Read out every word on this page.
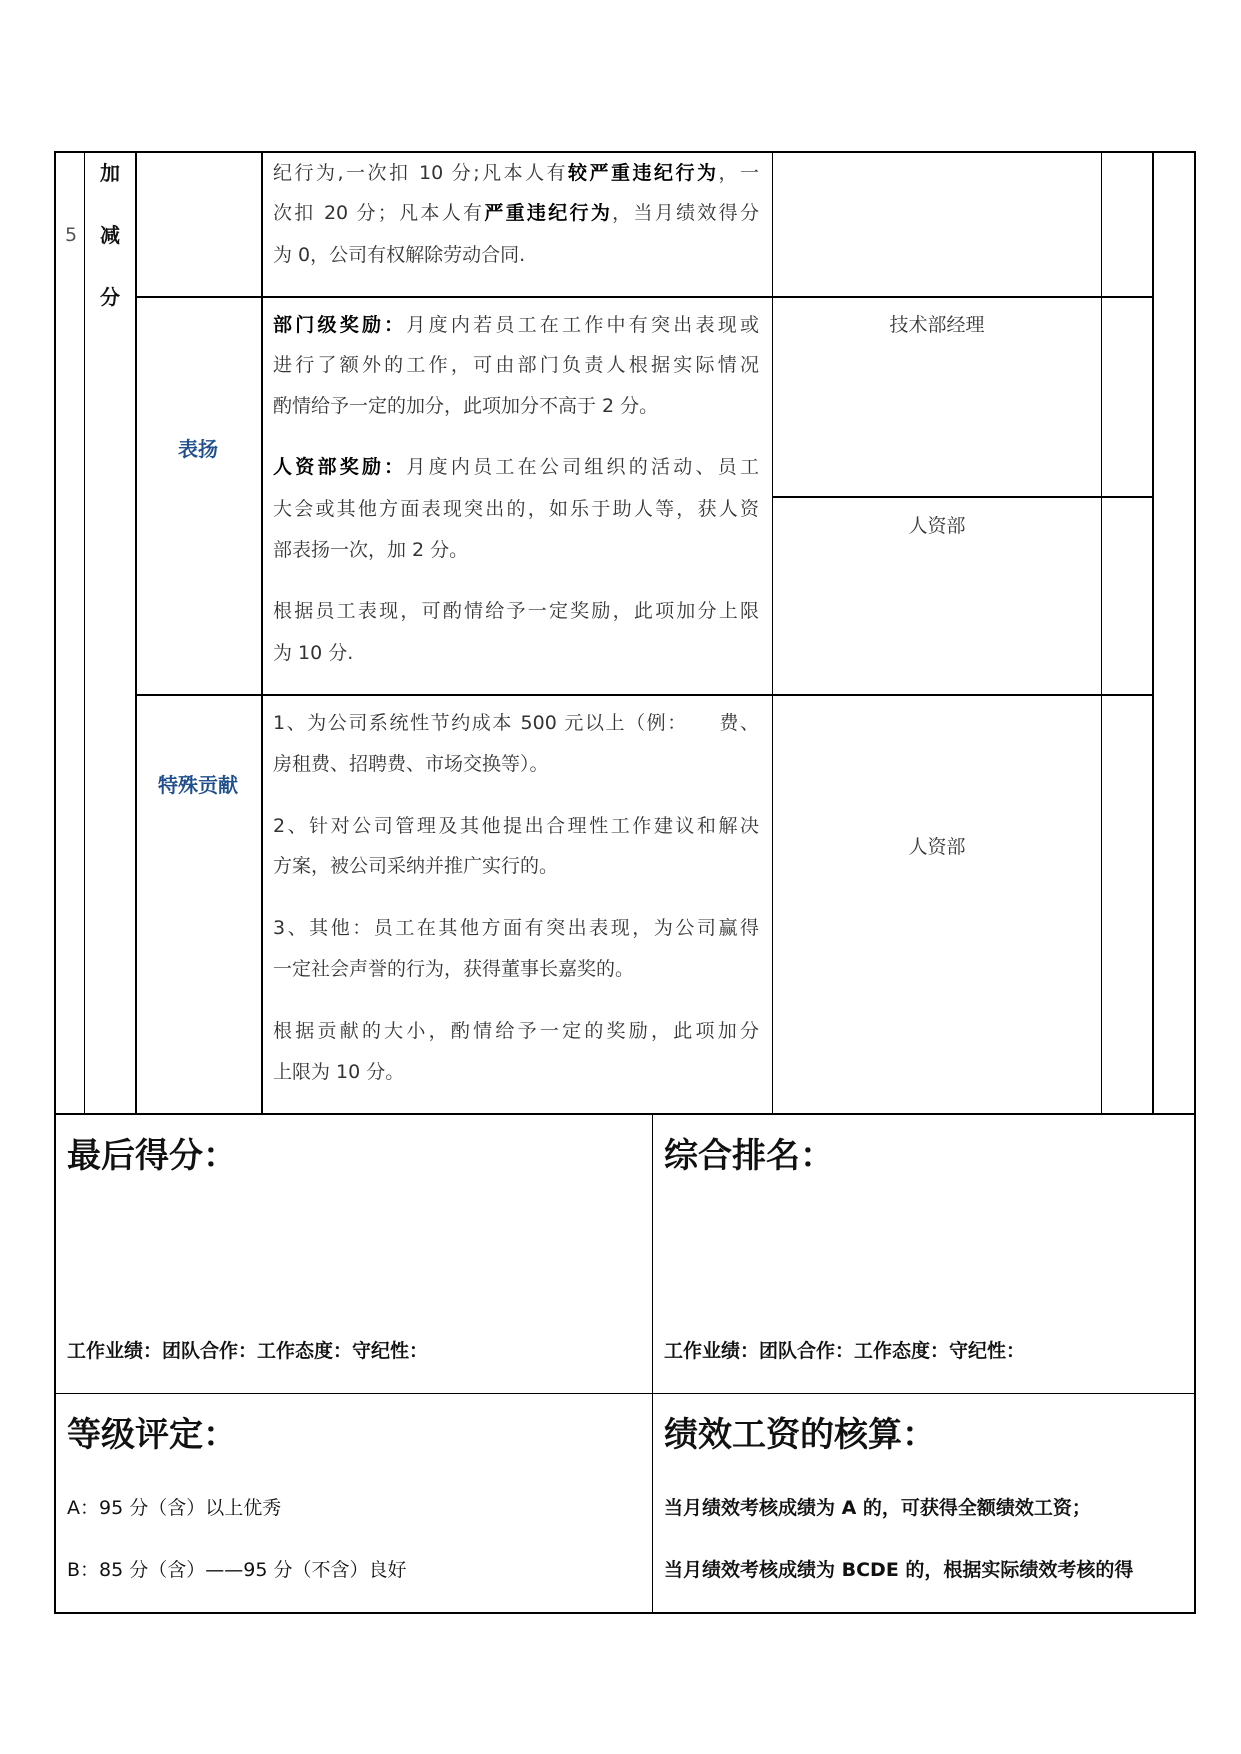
5
加
减
分
纪行为,一次扣 10 分;凡本人有较严重违纪行为，一
次扣 20 分；凡本人有严重违纪行为，当月绩效得分
为 0，公司有权解除劳动合同.
表扬
部门级奖励：月度内若员工在工作中有突出表现或
进行了额外的工作，可由部门负责人根据实际情况
酌情给予一定的加分，此项加分不高于 2 分。
人资部奖励：月度内员工在公司组织的活动、员工
大会或其他方面表现突出的，如乐于助人等，获人资
部表扬一次，加 2 分。
根据员工表现，可酌情给予一定奖励，此项加分上限
为 10 分.
技术部经理
人资部
特殊贡献
1、为公司系统性节约成本 500 元以上（例：　　费、
房租费、招聘费、市场交换等）。
2、针对公司管理及其他提出合理性工作建议和解决
方案，被公司采纳并推广实行的。
3、其他：员工在其他方面有突出表现，为公司赢得
一定社会声誉的行为，获得董事长嘉奖的。
根据贡献的大小，酌情给予一定的奖励，此项加分
上限为 10 分。
人资部
最后得分：
工作业绩：团队合作：工作态度：守纪性：
综合排名：
工作业绩：团队合作：工作态度：守纪性：
等级评定：
A：95 分（含）以上优秀
B：85 分（含）——95 分（不含）良好
绩效工资的核算：
当月绩效考核成绩为 A 的，可获得全额绩效工资；
当月绩效考核成绩为 BCDE 的，根据实际绩效考核的得
